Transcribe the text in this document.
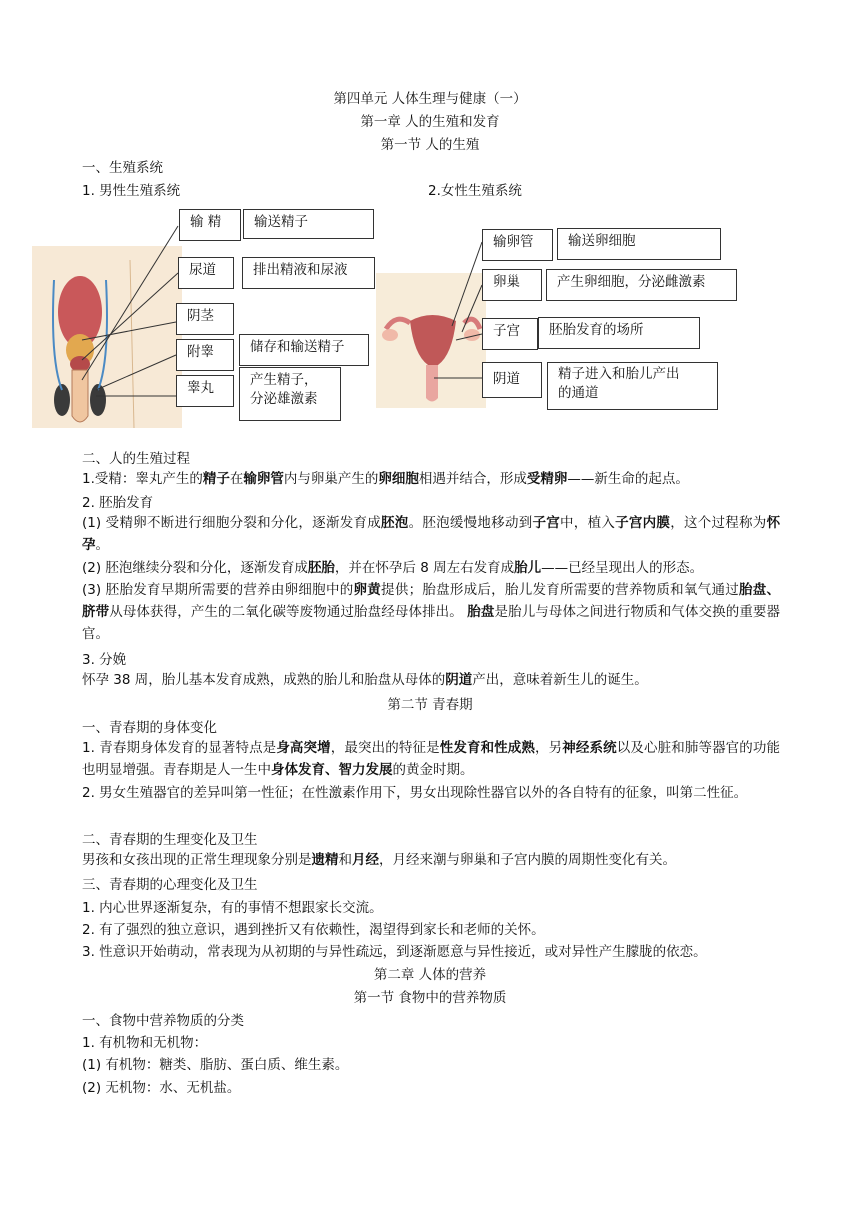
第四单元 人体生理与健康（一）
第一章 人的生殖和发育
第一节 人的生殖
一、生殖系统
1. 男性生殖系统	2.女性生殖系统
输 精	输送精子
尿道	排出精液和尿液
阴茎
附睾	储存和输送精子
睾丸	产生精子，
分泌雄激素
输卵管	输送卵细胞
卵巢	产生卵细胞，分泌雌激素
子宫	胚胎发育的场所
阴道	精子进入和胎儿产出
的通道
二、人的生殖过程
1.受精：睾丸产生的精子在输卵管内与卵巢产生的卵细胞相遇并结合，形成受精卵——新生命的起点。
2. 胚胎发育
(1) 受精卵不断进行细胞分裂和分化，逐渐发育成胚泡。胚泡缓慢地移动到子宫中，植入子宫内膜，这个过程称为怀孕。
(2) 胚泡继续分裂和分化，逐渐发育成胚胎，并在怀孕后 8 周左右发育成胎儿——已经呈现出人的形态。
(3) 胚胎发育早期所需要的营养由卵细胞中的卵黄提供；胎盘形成后，胎儿发育所需要的营养物质和氧气通过胎盘、脐带从母体获得，产生的二氧化碳等废物通过胎盘经母体排出。 胎盘是胎儿与母体之间进行物质和气体交换的重要器官。
3. 分娩
怀孕 38 周，胎儿基本发育成熟，成熟的胎儿和胎盘从母体的阴道产出，意味着新生儿的诞生。
第二节 青春期
一、青春期的身体变化
1. 青春期身体发育的显著特点是身高突增，最突出的特征是性发育和性成熟，另神经系统以及心脏和肺等器官的功能也明显增强。青春期是人一生中身体发育、智力发展的黄金时期。
2. 男女生殖器官的差异叫第一性征；在性激素作用下，男女出现除性器官以外的各自特有的征象，叫第二性征。
二、青春期的生理变化及卫生
男孩和女孩出现的正常生理现象分别是遗精和月经，月经来潮与卵巢和子宫内膜的周期性变化有关。
三、青春期的心理变化及卫生
1. 内心世界逐渐复杂，有的事情不想跟家长交流。
2. 有了强烈的独立意识，遇到挫折又有依赖性，渴望得到家长和老师的关怀。
3. 性意识开始萌动，常表现为从初期的与异性疏远，到逐渐愿意与异性接近，或对异性产生朦胧的依恋。
第二章 人体的营养
第一节 食物中的营养物质
一、食物中营养物质的分类
1. 有机物和无机物：
(1) 有机物：糖类、脂肪、蛋白质、维生素。
(2) 无机物：水、无机盐。
